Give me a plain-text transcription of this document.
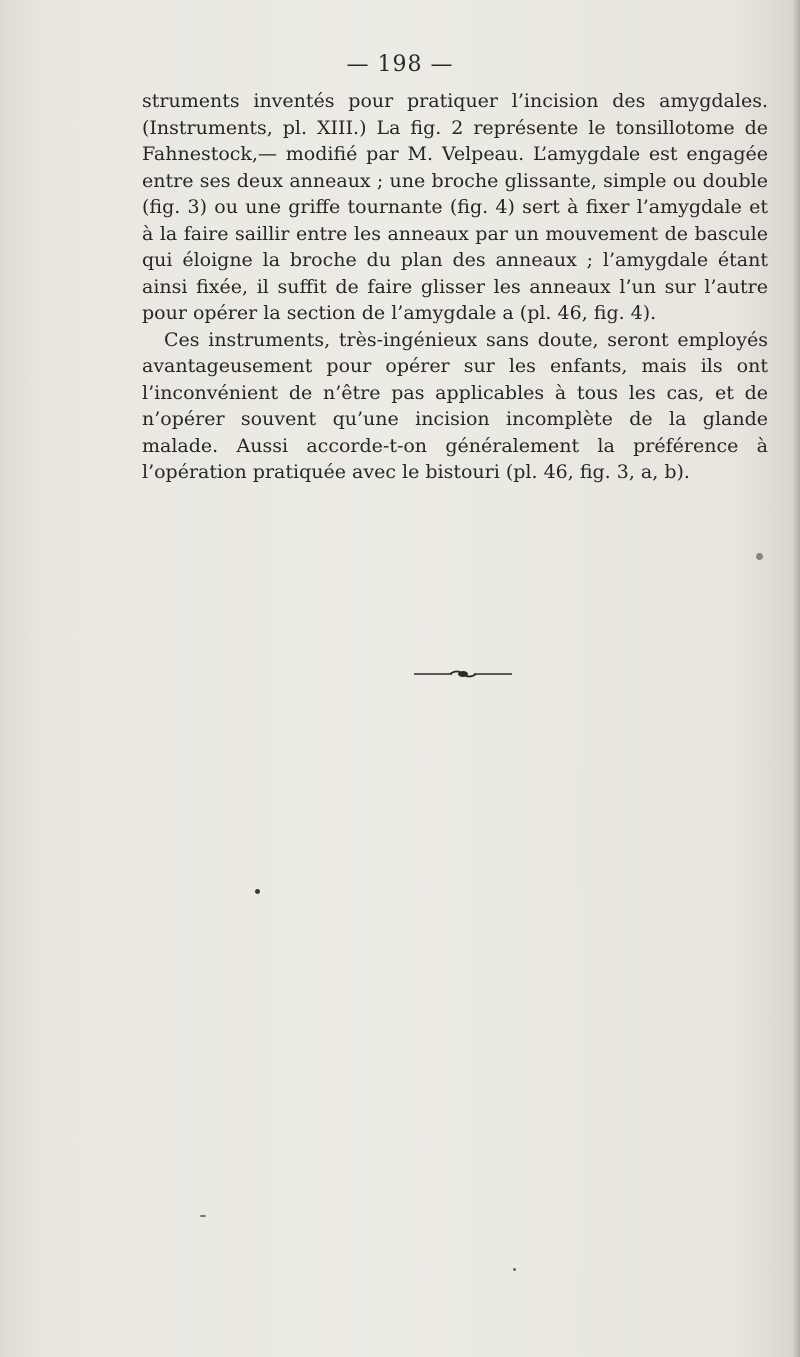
— 198 —

struments inventés pour pratiquer l’incision des amygdales. (Instruments, pl. XIII.) La fig. 2 représente le tonsillotome de Fahnestock,— modifié par M. Velpeau. L’amygdale est engagée entre ses deux anneaux ; une broche glissante, simple ou double (fig. 3) ou une griffe tournante (fig. 4) sert à fixer l’amygdale et à la faire saillir entre les anneaux par un mouvement de bascule qui éloigne la broche du plan des anneaux ; l’amygdale étant ainsi fixée, il suffit de faire glisser les anneaux l’un sur l’autre pour opérer la section de l’amygdale a (pl. 46, fig. 4).

Ces instruments, très-ingénieux sans doute, seront employés avantageusement pour opérer sur les enfants, mais ils ont l’inconvénient de n’être pas applicables à tous les cas, et de n’opérer souvent qu’une incision incomplète de la glande malade. Aussi accorde-t-on généralement la préférence à l’opération pratiquée avec le bistouri (pl. 46, fig. 3, a, b).
